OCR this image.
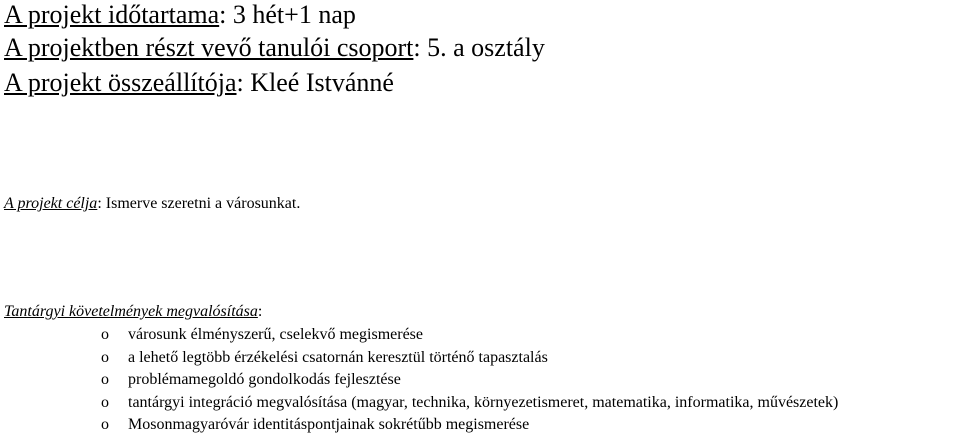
A projekt időtartama: 3 hét+1 nap
A projektben részt vevő tanulói csoport: 5. a osztály
A projekt összeállítója: Kleé Istvánné
A projekt célja: Ismerve szeretni a városunkat.
Tantárgyi követelmények megvalósítása:
o városunk élményszerű, cselekvő megismerése
o a lehető legtöbb érzékelési csatornán keresztül történő tapasztalás
o problémamegoldó gondolkodás fejlesztése
o tantárgyi integráció megvalósítása (magyar, technika, környezetismeret, matematika, informatika, művészetek)
o Mosonmagyaróvár identitáspontjainak sokrétűbb megismerése
